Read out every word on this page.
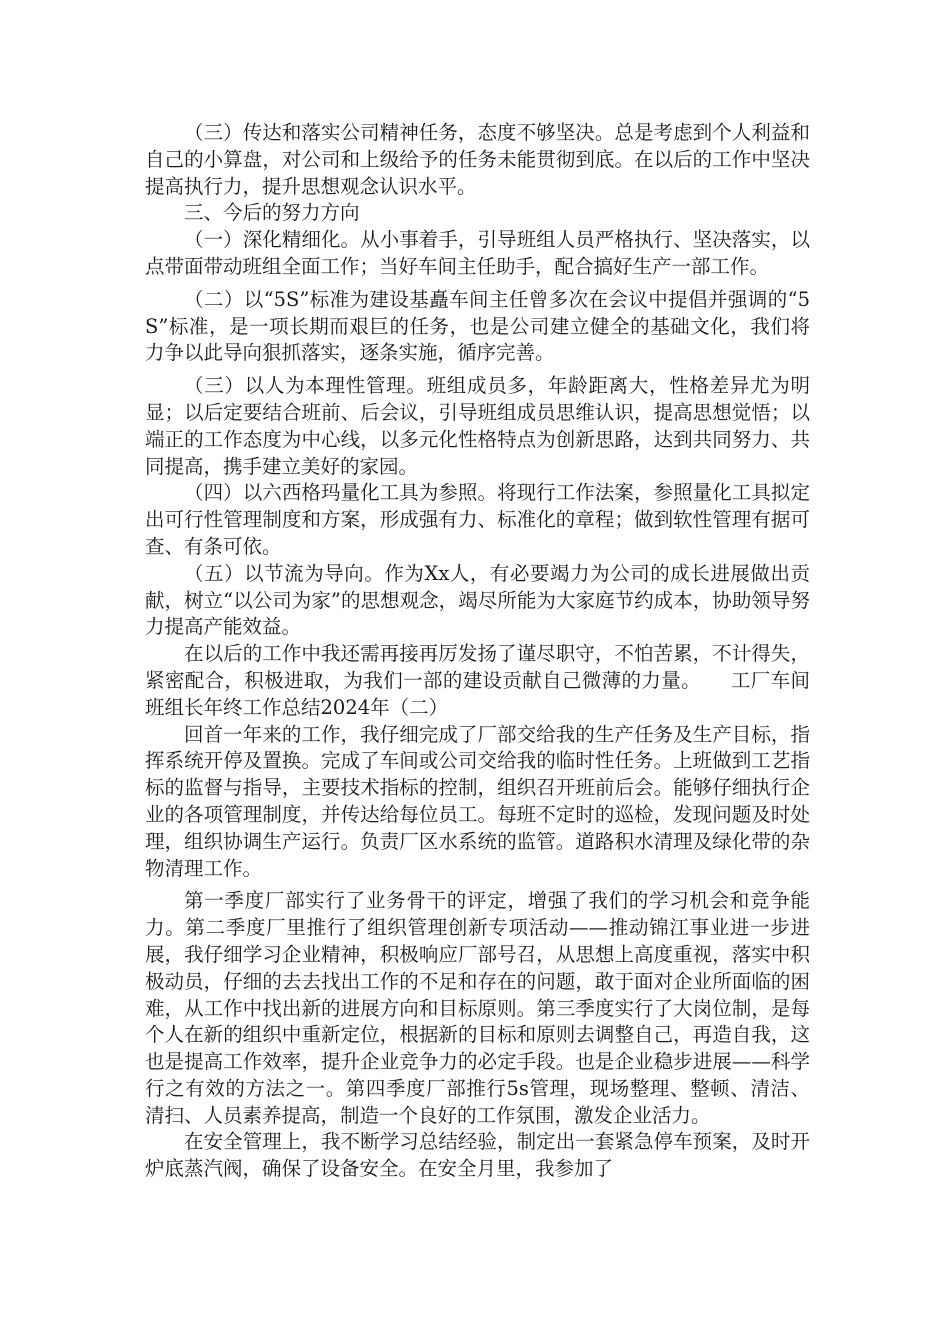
（三）传达和落实公司精神任务，态度不够坚决。总是考虑到个人利益和自己的小算盘，对公司和上级给予的任务未能贯彻到底。在以后的工作中坚决提高执行力，提升思想观念认识水平。

三、今后的努力方向

（一）深化精细化。从小事着手，引导班组人员严格执行、坚决落实，以点带面带动班组全面工作；当好车间主任助手，配合搞好生产一部工作。

（二）以“5S”标准为建设基矗车间主任曾多次在会议中提倡并强调的“5S”标准，是一项长期而艰巨的任务，也是公司建立健全的基础文化，我们将力争以此导向狠抓落实，逐条实施，循序完善。

（三）以人为本理性管理。班组成员多，年龄距离大，性格差异尤为明显；以后定要结合班前、后会议，引导班组成员思维认识，提高思想觉悟；以端正的工作态度为中心线，以多元化性格特点为创新思路，达到共同努力、共同提高，携手建立美好的家园。

（四）以六西格玛量化工具为参照。将现行工作法案，参照量化工具拟定出可行性管理制度和方案，形成强有力、标准化的章程；做到软性管理有据可查、有条可依。

（五）以节流为导向。作为Xx人，有必要竭力为公司的成长进展做出贡献，树立“以公司为家”的思想观念，竭尽所能为大家庭节约成本，协助领导努力提高产能效益。

在以后的工作中我还需再接再厉发扬了谨尽职守，不怕苦累，不计得失，紧密配合，积极进取，为我们一部的建设贡献自己微薄的力量。　　工厂车间班组长年终工作总结2024年（二）

回首一年来的工作，我仔细完成了厂部交给我的生产任务及生产目标，指挥系统开停及置换。完成了车间或公司交给我的临时性任务。上班做到工艺指标的监督与指导，主要技术指标的控制，组织召开班前后会。能够仔细执行企业的各项管理制度，并传达给每位员工。每班不定时的巡检，发现问题及时处理，组织协调生产运行。负责厂区水系统的监管。道路积水清理及绿化带的杂物清理工作。

第一季度厂部实行了业务骨干的评定，增强了我们的学习机会和竞争能力。第二季度厂里推行了组织管理创新专项活动——推动锦江事业进一步进展，我仔细学习企业精神，积极响应厂部号召，从思想上高度重视，落实中积极动员，仔细的去去找出工作的不足和存在的问题，敢于面对企业所面临的困难，从工作中找出新的进展方向和目标原则。第三季度实行了大岗位制，是每个人在新的组织中重新定位，根据新的目标和原则去调整自己，再造自我，这也是提高工作效率，提升企业竞争力的必定手段。也是企业稳步进展——科学行之有效的方法之一。第四季度厂部推行5s管理，现场整理、整顿、清洁、清扫、人员素养提高，制造一个良好的工作氛围，激发企业活力。

在安全管理上，我不断学习总结经验，制定出一套紧急停车预案，及时开炉底蒸汽阀，确保了设备安全。在安全月里，我参加了
